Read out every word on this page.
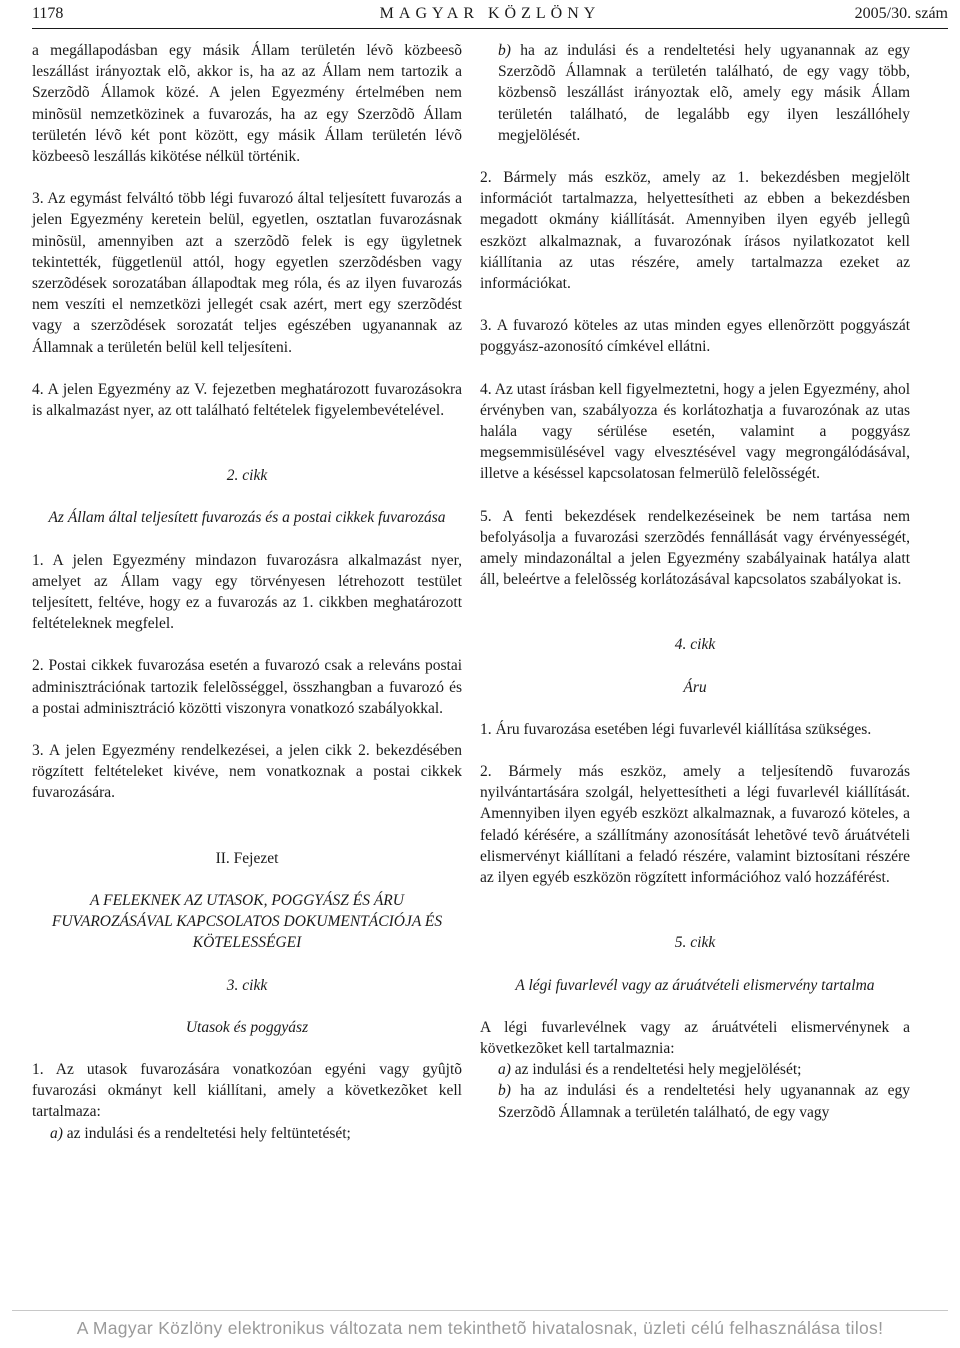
1178	MAGYAR KÖZLÖNY	2005/30. szám

a megállapodásban egy másik Állam területén lévõ közbeesõ leszállást irányoztak elõ, akkor is, ha az az Állam nem tartozik a Szerzõdõ Államok közé. A jelen Egyezmény értelmében nem minõsül nemzetközinek a fuvarozás, ha az egy Szerzõdõ Állam területén lévõ két pont között, egy másik Állam területén lévõ közbeesõ leszállás kikötése nélkül történik.

3. Az egymást felváltó több légi fuvarozó által teljesített fuvarozás a jelen Egyezmény keretein belül, egyetlen, osztatlan fuvarozásnak minõsül, amennyiben azt a szerzõdõ felek is egy ügyletnek tekintették, függetlenül attól, hogy egyetlen szerzõdésben vagy szerzõdések sorozatában állapodtak meg róla, és az ilyen fuvarozás nem veszíti el nemzetközi jellegét csak azért, mert egy szerzõdést vagy a szerzõdések sorozatát teljes egészében ugyanannak az Államnak a területén belül kell teljesíteni.

4. A jelen Egyezmény az V. fejezetben meghatározott fuvarozásokra is alkalmazást nyer, az ott található feltételek figyelembevételével.

2. cikk

Az Állam által teljesített fuvarozás és a postai cikkek fuvarozása

1. A jelen Egyezmény mindazon fuvarozásra alkalmazást nyer, amelyet az Állam vagy egy törvényesen létrehozott testület teljesített, feltéve, hogy ez a fuvarozás az 1. cikkben meghatározott feltételeknek megfelel.

2. Postai cikkek fuvarozása esetén a fuvarozó csak a releváns postai adminisztrációnak tartozik felelõsséggel, összhangban a fuvarozó és a postai adminisztráció közötti viszonyra vonatkozó szabályokkal.

3. A jelen Egyezmény rendelkezései, a jelen cikk 2. bekezdésében rögzített feltételeket kivéve, nem vonatkoznak a postai cikkek fuvarozására.

II. Fejezet

A FELEKNEK AZ UTASOK, POGGYÁSZ ÉS ÁRU FUVAROZÁSÁVAL KAPCSOLATOS DOKUMENTÁCIÓJA ÉS KÖTELESSÉGEI

3. cikk

Utasok és poggyász

1. Az utasok fuvarozására vonatkozóan egyéni vagy gyûjtõ fuvarozási okmányt kell kiállítani, amely a következõket kell tartalmaza:

a) az indulási és a rendeltetési hely feltüntetését;

b) ha az indulási és a rendeltetési hely ugyanannak az egy Szerzõdõ Államnak a területén található, de egy vagy több, közbensõ leszállást irányoztak elõ, amely egy másik Állam területén található, de legalább egy ilyen leszállóhely megjelölését.

2. Bármely más eszköz, amely az 1. bekezdésben megjelölt információt tartalmazza, helyettesítheti az ebben a bekezdésben megadott okmány kiállítását. Amennyiben ilyen egyéb jellegû eszközt alkalmaznak, a fuvarozónak írásos nyilatkozatot kell kiállítania az utas részére, amely tartalmazza ezeket az információkat.

3. A fuvarozó köteles az utas minden egyes ellenõrzött poggyászát poggyász-azonosító címkével ellátni.

4. Az utast írásban kell figyelmeztetni, hogy a jelen Egyezmény, ahol érvényben van, szabályozza és korlátozhatja a fuvarozónak az utas halála vagy sérülése esetén, valamint a poggyász megsemmisülésével vagy elvesztésével vagy megrongálódásával, illetve a késéssel kapcsolatosan felmerülõ felelõsségét.

5. A fenti bekezdések rendelkezéseinek be nem tartása nem befolyásolja a fuvarozási szerzõdés fennállását vagy érvényességét, amely mindazonáltal a jelen Egyezmény szabályainak hatálya alatt áll, beleértve a felelõsség korlátozásával kapcsolatos szabályokat is.

4. cikk

Áru

1. Áru fuvarozása esetében légi fuvarlevél kiállítása szükséges.

2. Bármely más eszköz, amely a teljesítendõ fuvarozás nyilvántartására szolgál, helyettesítheti a légi fuvarlevél kiállítását. Amennyiben ilyen egyéb eszközt alkalmaznak, a fuvarozó köteles, a feladó kérésére, a szállítmány azonosítását lehetõvé tevõ áruátvételi elismervényt kiállítani a feladó részére, valamint biztosítani részére az ilyen egyéb eszközön rögzített információhoz való hozzáférést.

5. cikk

A légi fuvarlevél vagy az áruátvételi elismervény tartalma

A légi fuvarlevélnek vagy az áruátvételi elismervénynek a következõket kell tartalmaznia:

a) az indulási és a rendeltetési hely megjelölését;

b) ha az indulási és a rendeltetési hely ugyanannak az egy Szerzõdõ Államnak a területén található, de egy vagy

A Magyar Közlöny elektronikus változata nem tekinthetõ hivatalosnak, üzleti célú felhasználása tilos!
